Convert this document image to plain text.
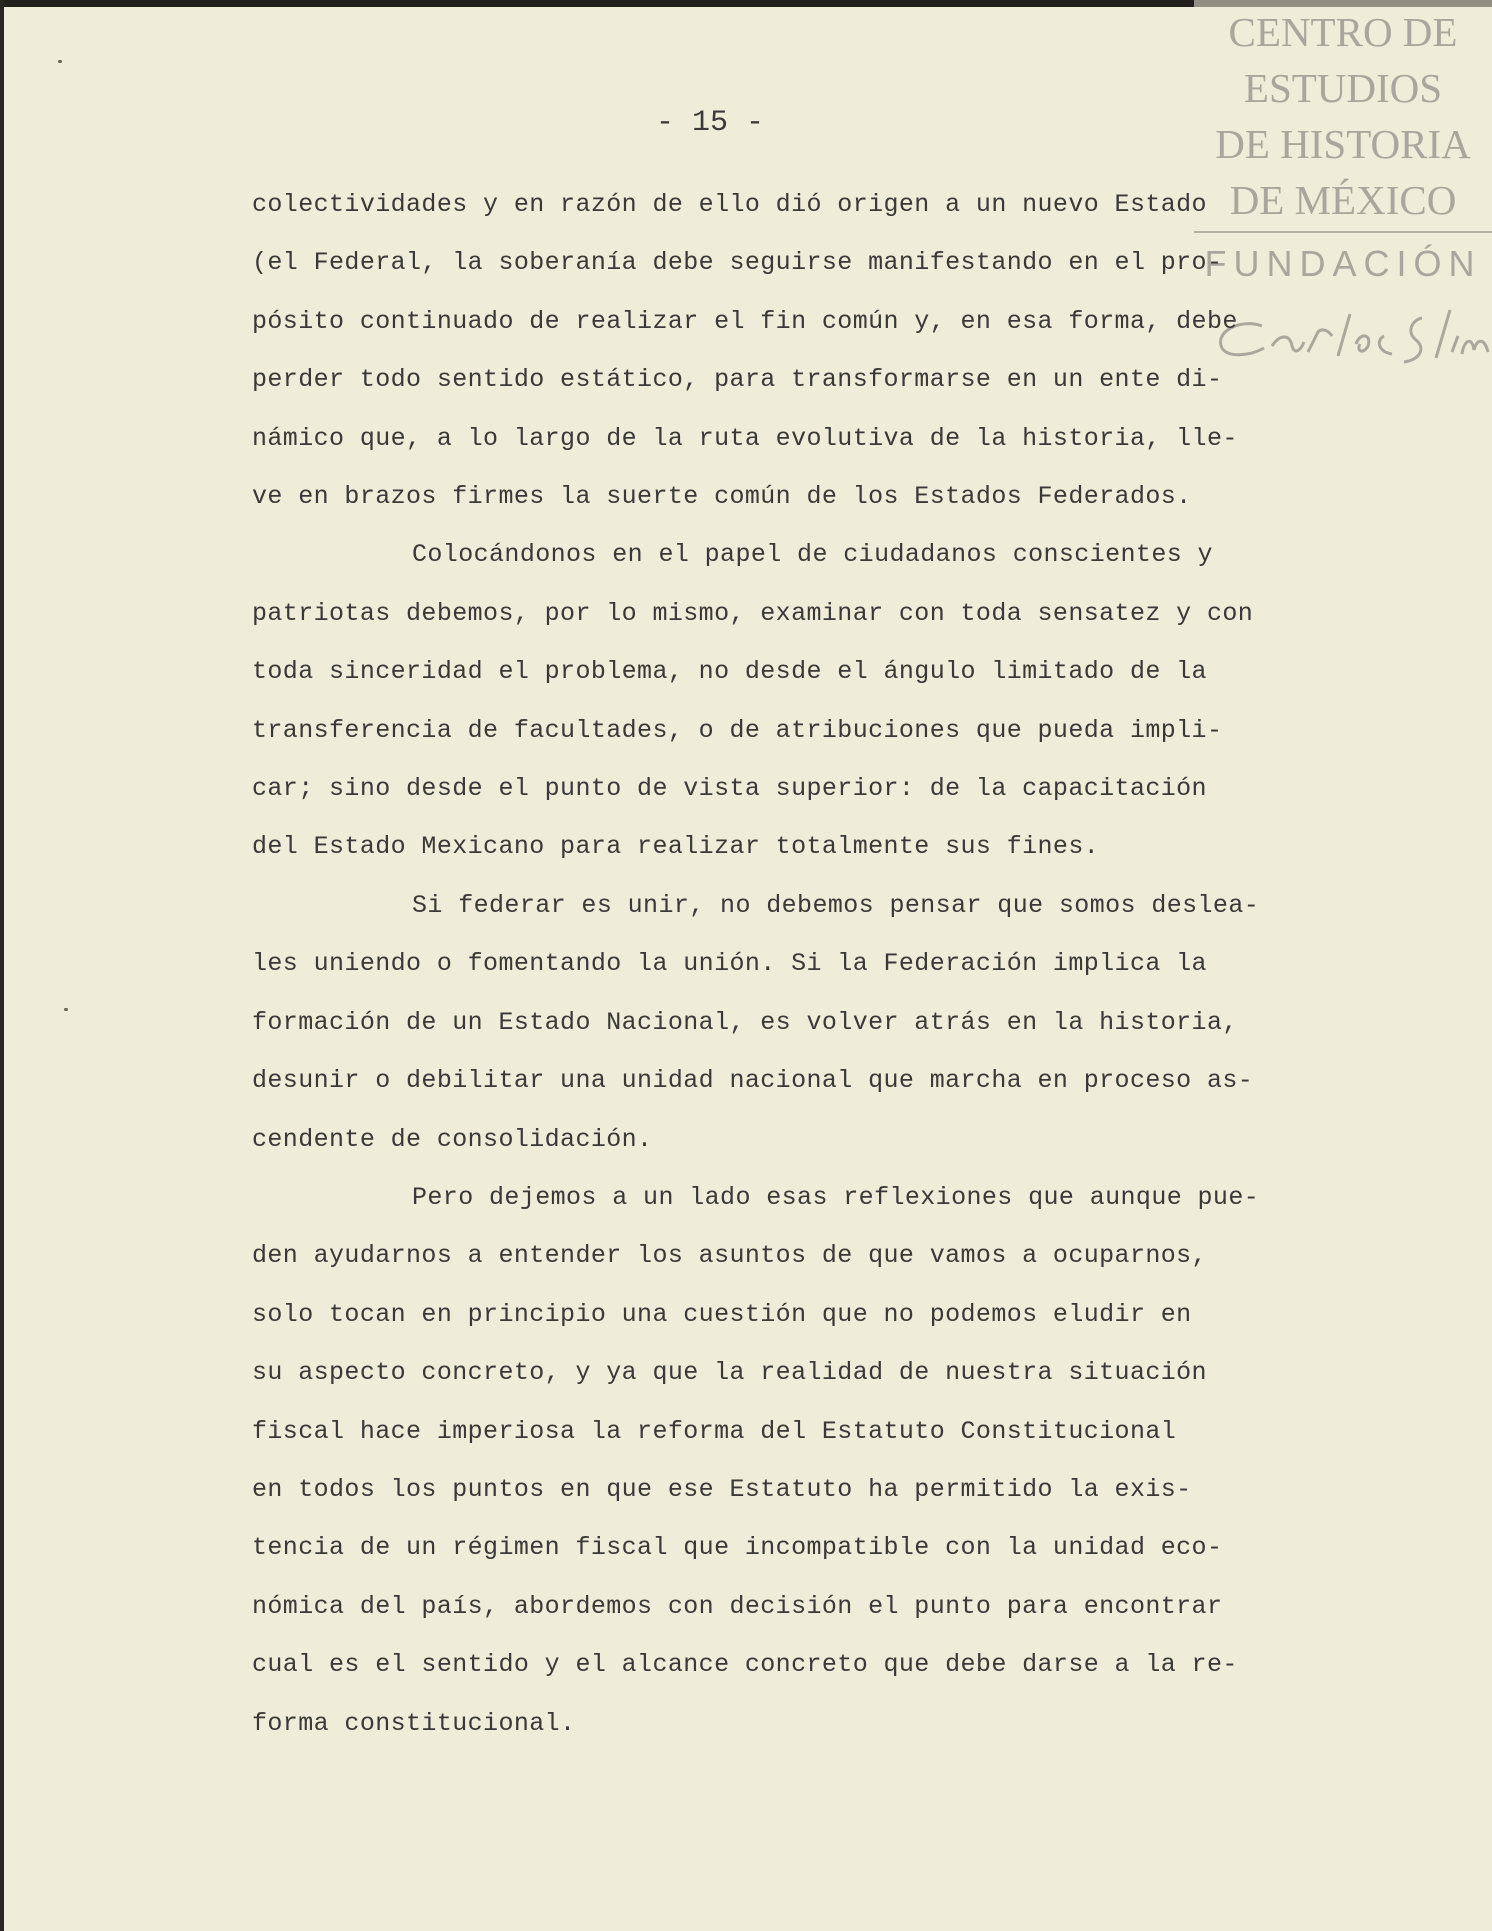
CENTRO DE
ESTUDIOS
DE HISTORIA
DE MÉXICO
FUNDACIÓN
- 15 -
colectividades y en razón de ello dió origen a un nuevo Estado
(el Federal, la soberanía debe seguirse manifestando en el pro-
pósito continuado de realizar el fin común y, en esa forma, debe
perder todo sentido estático, para transformarse en un ente di-
námico que, a lo largo de la ruta evolutiva de la historia, lle-
ve en brazos firmes la suerte común de los Estados Federados.
Colocándonos en el papel de ciudadanos conscientes y
patriotas debemos, por lo mismo, examinar con toda sensatez y con
toda sinceridad el problema, no desde el ángulo limitado de la
transferencia de facultades, o de atribuciones que pueda impli-
car; sino desde el punto de vista superior: de la capacitación
del Estado Mexicano para realizar totalmente sus fines.
Si federar es unir, no debemos pensar que somos deslea-
les uniendo o fomentando la unión. Si la Federación implica la
formación de un Estado Nacional, es volver atrás en la historia,
desunir o debilitar una unidad nacional que marcha en proceso as-
cendente de consolidación.
Pero dejemos a un lado esas reflexiones que aunque pue-
den ayudarnos a entender los asuntos de que vamos a ocuparnos,
solo tocan en principio una cuestión que no podemos eludir en
su aspecto concreto, y ya que la realidad de nuestra situación
fiscal hace imperiosa la reforma del Estatuto Constitucional
en todos los puntos en que ese Estatuto ha permitido la exis-
tencia de un régimen fiscal que incompatible con la unidad eco-
nómica del país, abordemos con decisión el punto para encontrar
cual es el sentido y el alcance concreto que debe darse a la re-
forma constitucional.
